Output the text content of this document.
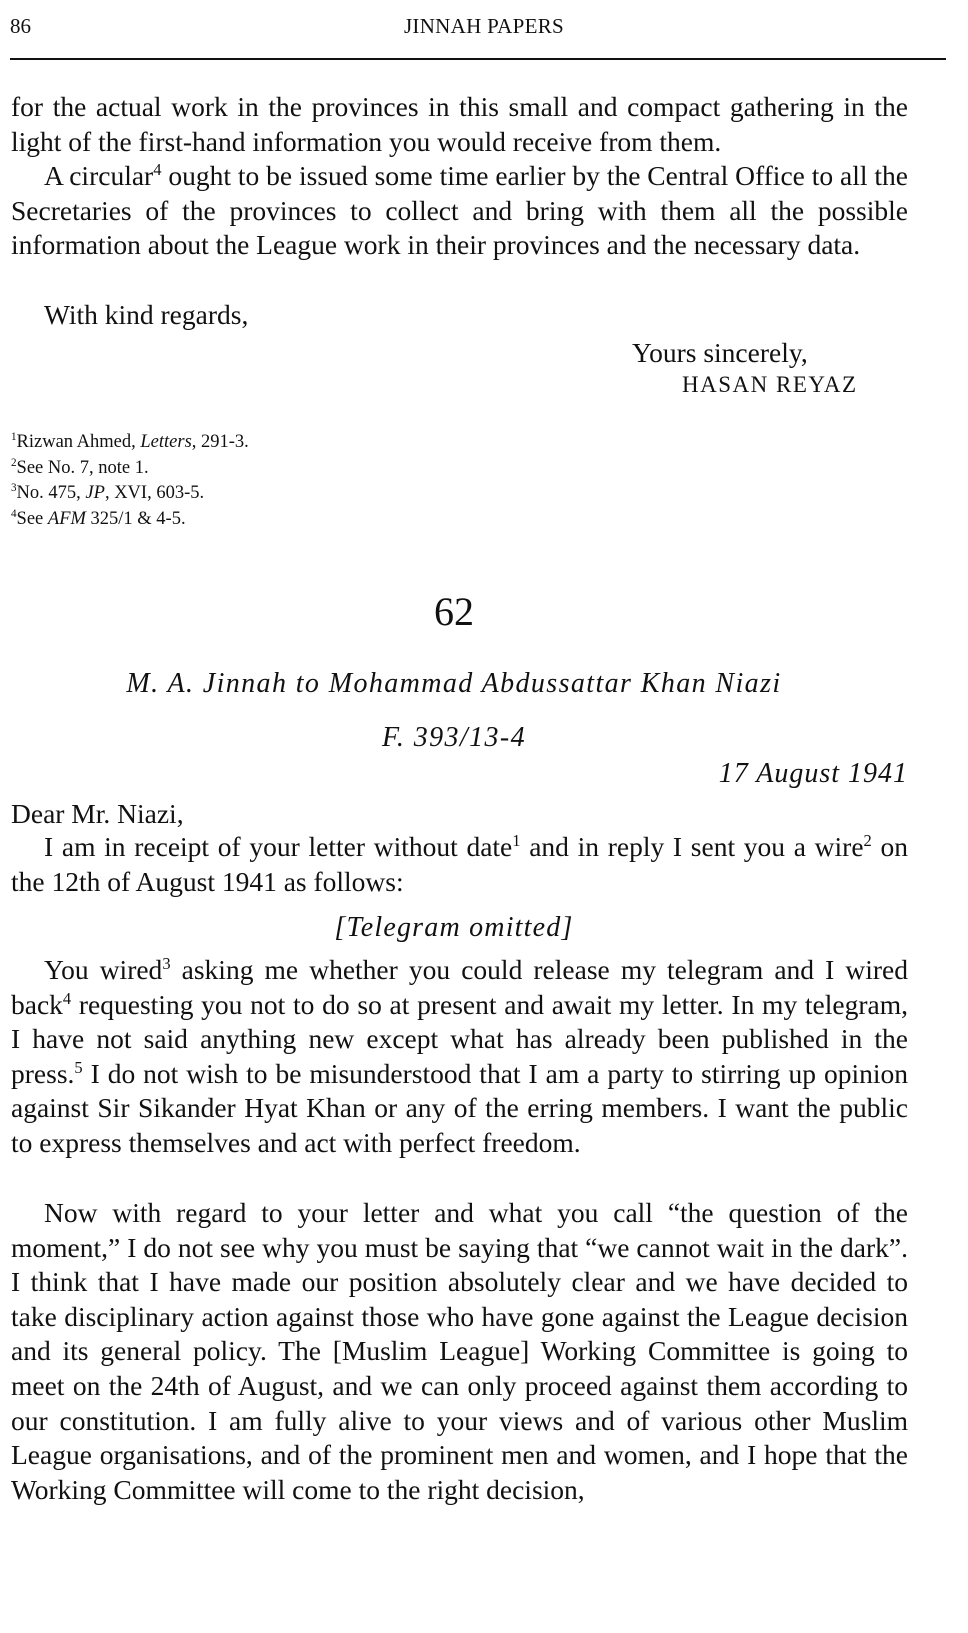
86	JINNAH PAPERS

for the actual work in the provinces in this small and compact gathering in the light of the first-hand information you would receive from them.

A circular$^4$ ought to be issued some time earlier by the Central Office to all the Secretaries of the provinces to collect and bring with them all the possible information about the League work in their provinces and the necessary data.

With kind regards,

Yours sincerely,
HASAN REYAZ
$^1$Rizwan Ahmed, Letters, 291-3.
$^2$See No. 7, note 1.
$^3$No. 475, JP, XVI, 603-5.
$^4$See AFM 325/1 & 4-5.
62
M. A. Jinnah to Mohammad Abdussattar Khan Niazi
F. 393/13-4
17 August 1941
Dear Mr. Niazi,

I am in receipt of your letter without date$^1$ and in reply I sent you a wire$^2$ on the 12th of August 1941 as follows:

[Telegram omitted]

You wired$^3$ asking me whether you could release my telegram and I wired back$^4$ requesting you not to do so at present and await my letter. In my telegram, I have not said anything new except what has already been published in the press.$^5$ I do not wish to be misunderstood that I am a party to stirring up opinion against Sir Sikander Hyat Khan or any of the erring members. I want the public to express themselves and act with perfect freedom.

Now with regard to your letter and what you call “the question of the moment,” I do not see why you must be saying that “we cannot wait in the dark”. I think that I have made our position absolutely clear and we have decided to take disciplinary action against those who have gone against the League decision and its general policy. The [Muslim League] Working Committee is going to meet on the 24th of August, and we can only proceed against them according to our constitution. I am fully alive to your views and of various other Muslim League organisations, and of the prominent men and women, and I hope that the Working Committee will come to the right decision,
